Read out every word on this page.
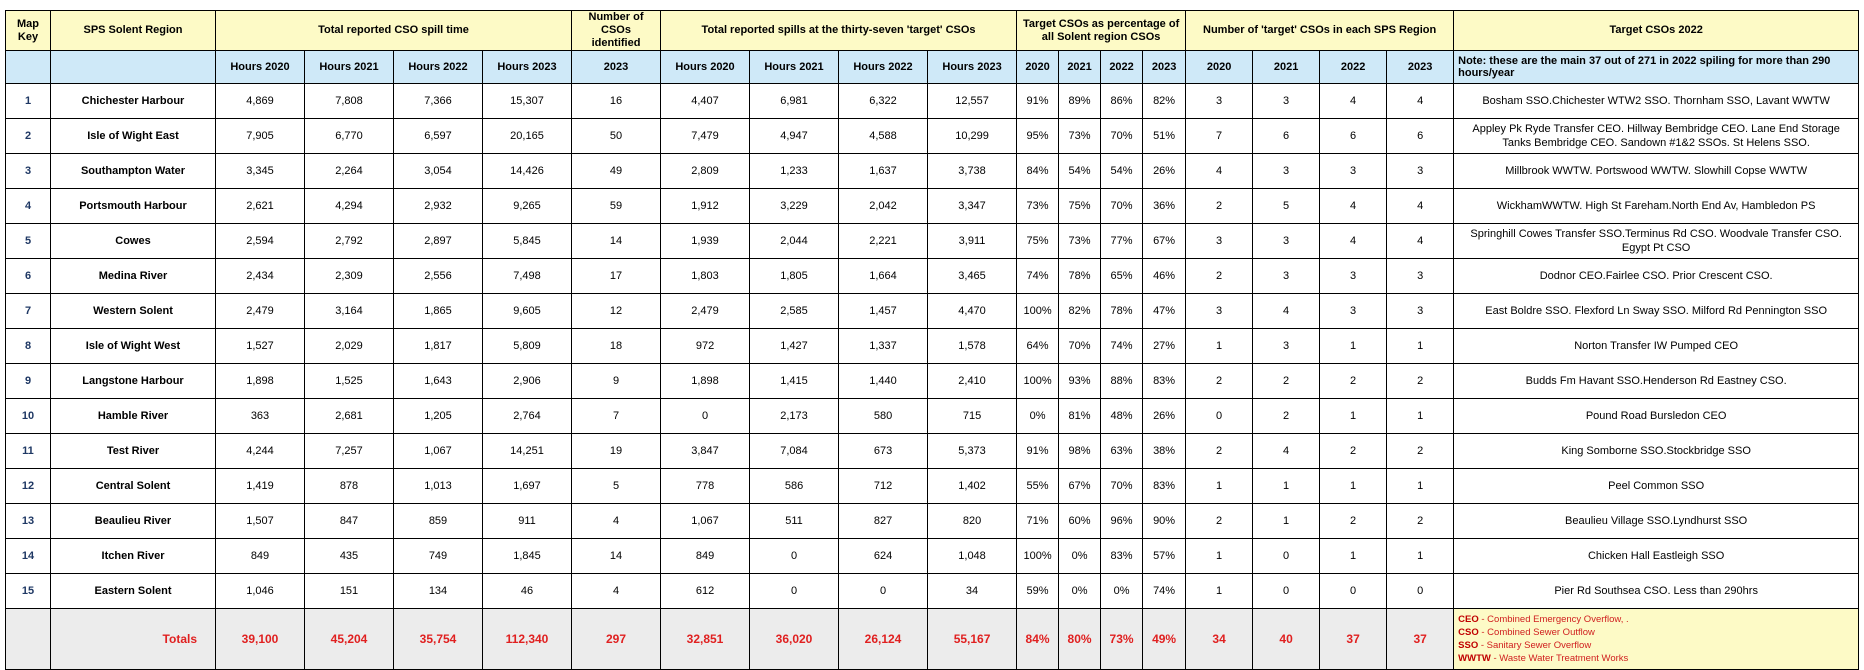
Map Key	SPS Solent Region	Total reported CSO spill time				Number of CSOs identified	Total reported spills at the thirty-seven 'target' CSOs				Target CSOs as percentage of all Solent region CSOs				Number of 'target' CSOs in each SPS Region				Target CSOs 2022
		Hours 2020	Hours 2021	Hours 2022	Hours 2023	2023	Hours 2020	Hours 2021	Hours 2022	Hours 2023	2020	2021	2022	2023	2020	2021	2022	2023	Note: these are the main 37 out of 271 in 2022 spiling for more than 290 hours/year
1	Chichester Harbour	4,869	7,808	7,366	15,307	16	4,407	6,981	6,322	12,557	91%	89%	86%	82%	3	3	4	4	Bosham SSO.Chichester WTW2 SSO. Thornham SSO, Lavant WWTW
2	Isle of Wight East	7,905	6,770	6,597	20,165	50	7,479	4,947	4,588	10,299	95%	73%	70%	51%	7	6	6	6	Appley Pk Ryde Transfer CEO. Hillway Bembridge CEO. Lane End Storage Tanks Bembridge CEO. Sandown #1&2 SSOs. St Helens SSO.
3	Southampton Water	3,345	2,264	3,054	14,426	49	2,809	1,233	1,637	3,738	84%	54%	54%	26%	4	3	3	3	Millbrook WWTW. Portswood WWTW. Slowhill Copse WWTW
4	Portsmouth Harbour	2,621	4,294	2,932	9,265	59	1,912	3,229	2,042	3,347	73%	75%	70%	36%	2	5	4	4	WickhamWWTW. High St Fareham.North End Av, Hambledon PS
5	Cowes	2,594	2,792	2,897	5,845	14	1,939	2,044	2,221	3,911	75%	73%	77%	67%	3	3	4	4	Springhill Cowes Transfer SSO.Terminus Rd CSO. Woodvale Transfer CSO. Egypt Pt CSO
6	Medina River	2,434	2,309	2,556	7,498	17	1,803	1,805	1,664	3,465	74%	78%	65%	46%	2	3	3	3	Dodnor CEO.Fairlee CSO. Prior Crescent CSO.
7	Western Solent	2,479	3,164	1,865	9,605	12	2,479	2,585	1,457	4,470	100%	82%	78%	47%	3	4	3	3	East Boldre SSO. Flexford Ln Sway SSO. Milford Rd Pennington SSO
8	Isle of Wight West	1,527	2,029	1,817	5,809	18	972	1,427	1,337	1,578	64%	70%	74%	27%	1	3	1	1	Norton Transfer IW Pumped CEO
9	Langstone Harbour	1,898	1,525	1,643	2,906	9	1,898	1,415	1,440	2,410	100%	93%	88%	83%	2	2	2	2	Budds Fm Havant SSO.Henderson Rd Eastney CSO.
10	Hamble River	363	2,681	1,205	2,764	7	0	2,173	580	715	0%	81%	48%	26%	0	2	1	1	Pound Road Bursledon CEO
11	Test River	4,244	7,257	1,067	14,251	19	3,847	7,084	673	5,373	91%	98%	63%	38%	2	4	2	2	King Somborne SSO.Stockbridge SSO
12	Central Solent	1,419	878	1,013	1,697	5	778	586	712	1,402	55%	67%	70%	83%	1	1	1	1	Peel Common SSO
13	Beaulieu River	1,507	847	859	911	4	1,067	511	827	820	71%	60%	96%	90%	2	1	2	2	Beaulieu Village SSO.Lyndhurst SSO
14	Itchen River	849	435	749	1,845	14	849	0	624	1,048	100%	0%	83%	57%	1	0	1	1	Chicken Hall Eastleigh SSO
15	Eastern Solent	1,046	151	134	46	4	612	0	0	34	59%	0%	0%	74%	1	0	0	0	Pier Rd Southsea CSO. Less than 290hrs
	Totals	39,100	45,204	35,754	112,340	297	32,851	36,020	26,124	55,167	84%	80%	73%	49%	34	40	37	37	CEO - Combined Emergency Overflow, .
CSO - Combined Sewer Outflow
SSO - Sanitary Sewer Overflow
WWTW - Waste Water Treatment Works
